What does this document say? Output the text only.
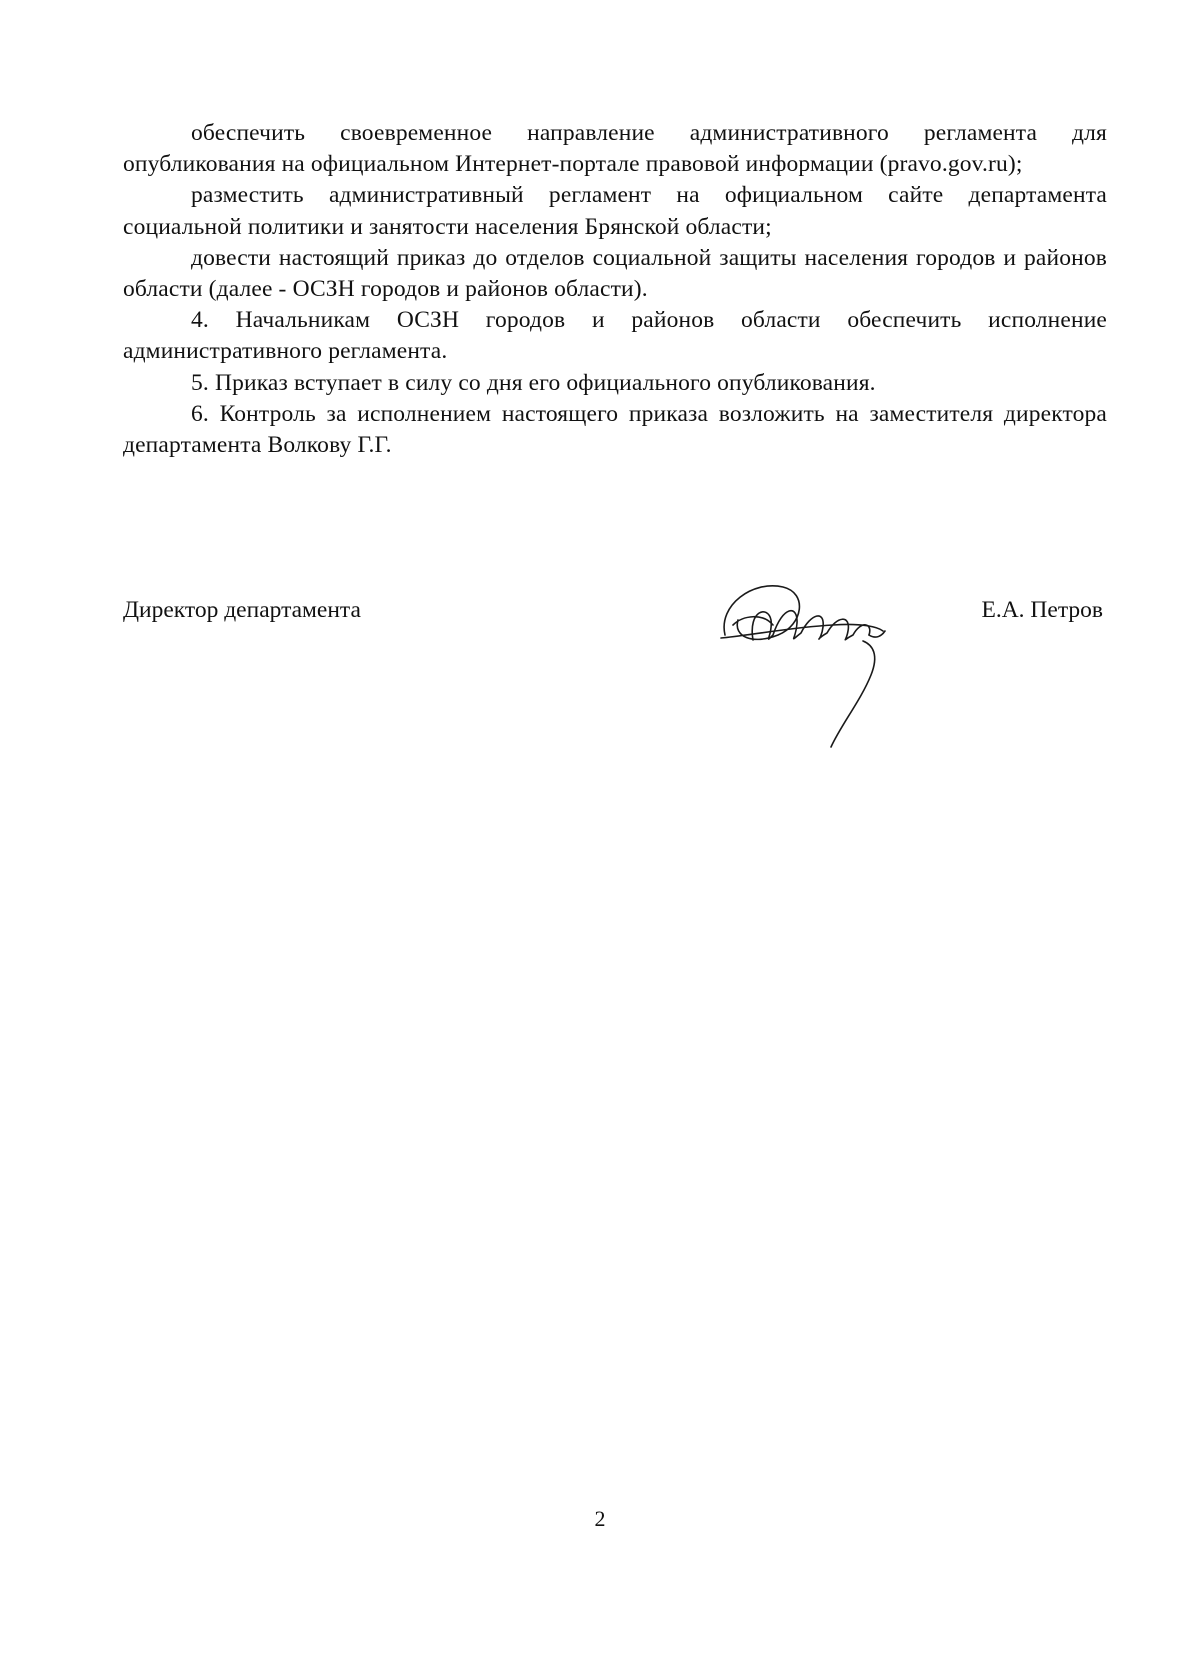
обеспечить своевременное направление административного регламента для опубликования на официальном Интернет-портале правовой информации (pravo.gov.ru);

разместить административный регламент на официальном сайте департамента социальной политики и занятости населения Брянской области;

довести настоящий приказ до отделов социальной защиты населения городов и районов области (далее - ОСЗН городов и районов области).

4. Начальникам ОСЗН городов и районов области обеспечить исполнение административного регламента.

5. Приказ вступает в силу со дня его официального опубликования.

6. Контроль за исполнением настоящего приказа возложить на заместителя директора департамента Волкову Г.Г.

Директор департамента	Е.А. Петров
2
